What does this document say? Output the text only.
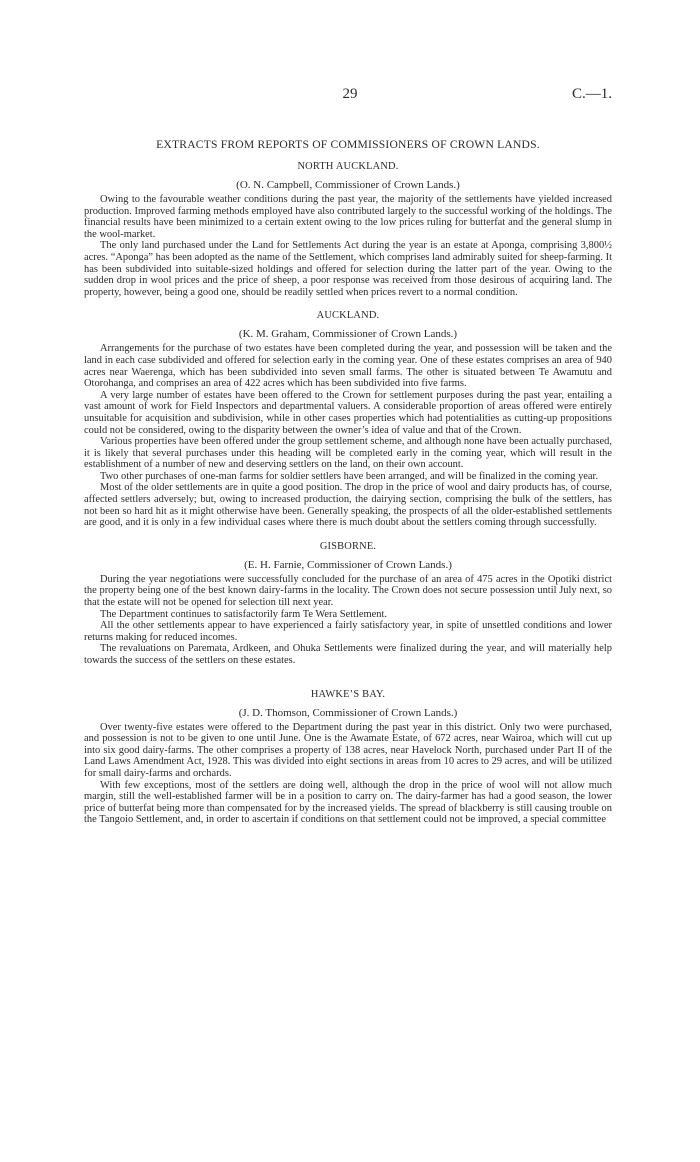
29	C.—1.
EXTRACTS FROM REPORTS OF COMMISSIONERS OF CROWN LANDS.
NORTH AUCKLAND.
(O. N. Campbell, Commissioner of Crown Lands.)

Owing to the favourable weather conditions during the past year, the majority of the settlements have yielded increased production. Improved farming methods employed have also contributed largely to the successful working of the holdings. The financial results have been minimized to a certain extent owing to the low prices ruling for butterfat and the general slump in the wool-market.

The only land purchased under the Land for Settlements Act during the year is an estate at Aponga, comprising 3,800½ acres. “Aponga” has been adopted as the name of the Settlement, which comprises land admirably suited for sheep-farming. It has been subdivided into suitable-sized holdings and offered for selection during the latter part of the year. Owing to the sudden drop in wool prices and the price of sheep, a poor response was received from those desirous of acquiring land. The property, however, being a good one, should be readily settled when prices revert to a normal condition.

AUCKLAND.
(K. M. Graham, Commissioner of Crown Lands.)

Arrangements for the purchase of two estates have been completed during the year, and possession will be taken and the land in each case subdivided and offered for selection early in the coming year. One of these estates comprises an area of 940 acres near Waerenga, which has been subdivided into seven small farms. The other is situated between Te Awamutu and Otorohanga, and comprises an area of 422 acres which has been subdivided into five farms.

A very large number of estates have been offered to the Crown for settlement purposes during the past year, entailing a vast amount of work for Field Inspectors and departmental valuers. A considerable proportion of areas offered were entirely unsuitable for acquisition and subdivision, while in other cases properties which had potentialities as cutting-up propositions could not be considered, owing to the disparity between the owner’s idea of value and that of the Crown.

Various properties have been offered under the group settlement scheme, and although none have been actually purchased, it is likely that several purchases under this heading will be completed early in the coming year, which will result in the establishment of a number of new and deserving settlers on the land, on their own account.

Two other purchases of one-man farms for soldier settlers have been arranged, and will be finalized in the coming year.

Most of the older settlements are in quite a good position. The drop in the price of wool and dairy products has, of course, affected settlers adversely; but, owing to increased production, the dairying section, comprising the bulk of the settlers, has not been so hard hit as it might otherwise have been. Generally speaking, the prospects of all the older-established settlements are good, and it is only in a few individual cases where there is much doubt about the settlers coming through successfully.

GISBORNE.
(E. H. Farnie, Commissioner of Crown Lands.)

During the year negotiations were successfully concluded for the purchase of an area of 475 acres in the Opotiki district the property being one of the best known dairy-farms in the locality. The Crown does not secure possession until July next, so that the estate will not be opened for selection till next year.

The Department continues to satisfactorily farm Te Wera Settlement.

All the other settlements appear to have experienced a fairly satisfactory year, in spite of unsettled conditions and lower returns making for reduced incomes.

The revaluations on Paremata, Ardkeen, and Ohuka Settlements were finalized during the year, and will materially help towards the success of the settlers on these estates.

HAWKE’S BAY.
(J. D. Thomson, Commissioner of Crown Lands.)

Over twenty-five estates were offered to the Department during the past year in this district. Only two were purchased, and possession is not to be given to one until June. One is the Awamate Estate, of 672 acres, near Wairoa, which will cut up into six good dairy-farms. The other comprises a property of 138 acres, near Havelock North, purchased under Part II of the Land Laws Amendment Act, 1928. This was divided into eight sections in areas from 10 acres to 29 acres, and will be utilized for small dairy-farms and orchards.

With few exceptions, most of the settlers are doing well, although the drop in the price of wool will not allow much margin, still the well-established farmer will be in a position to carry on. The dairy-farmer has had a good season, the lower price of butterfat being more than compensated for by the increased yields. The spread of blackberry is still causing trouble on the Tangoio Settlement, and, in order to ascertain if conditions on that settlement could not be improved, a special committee
